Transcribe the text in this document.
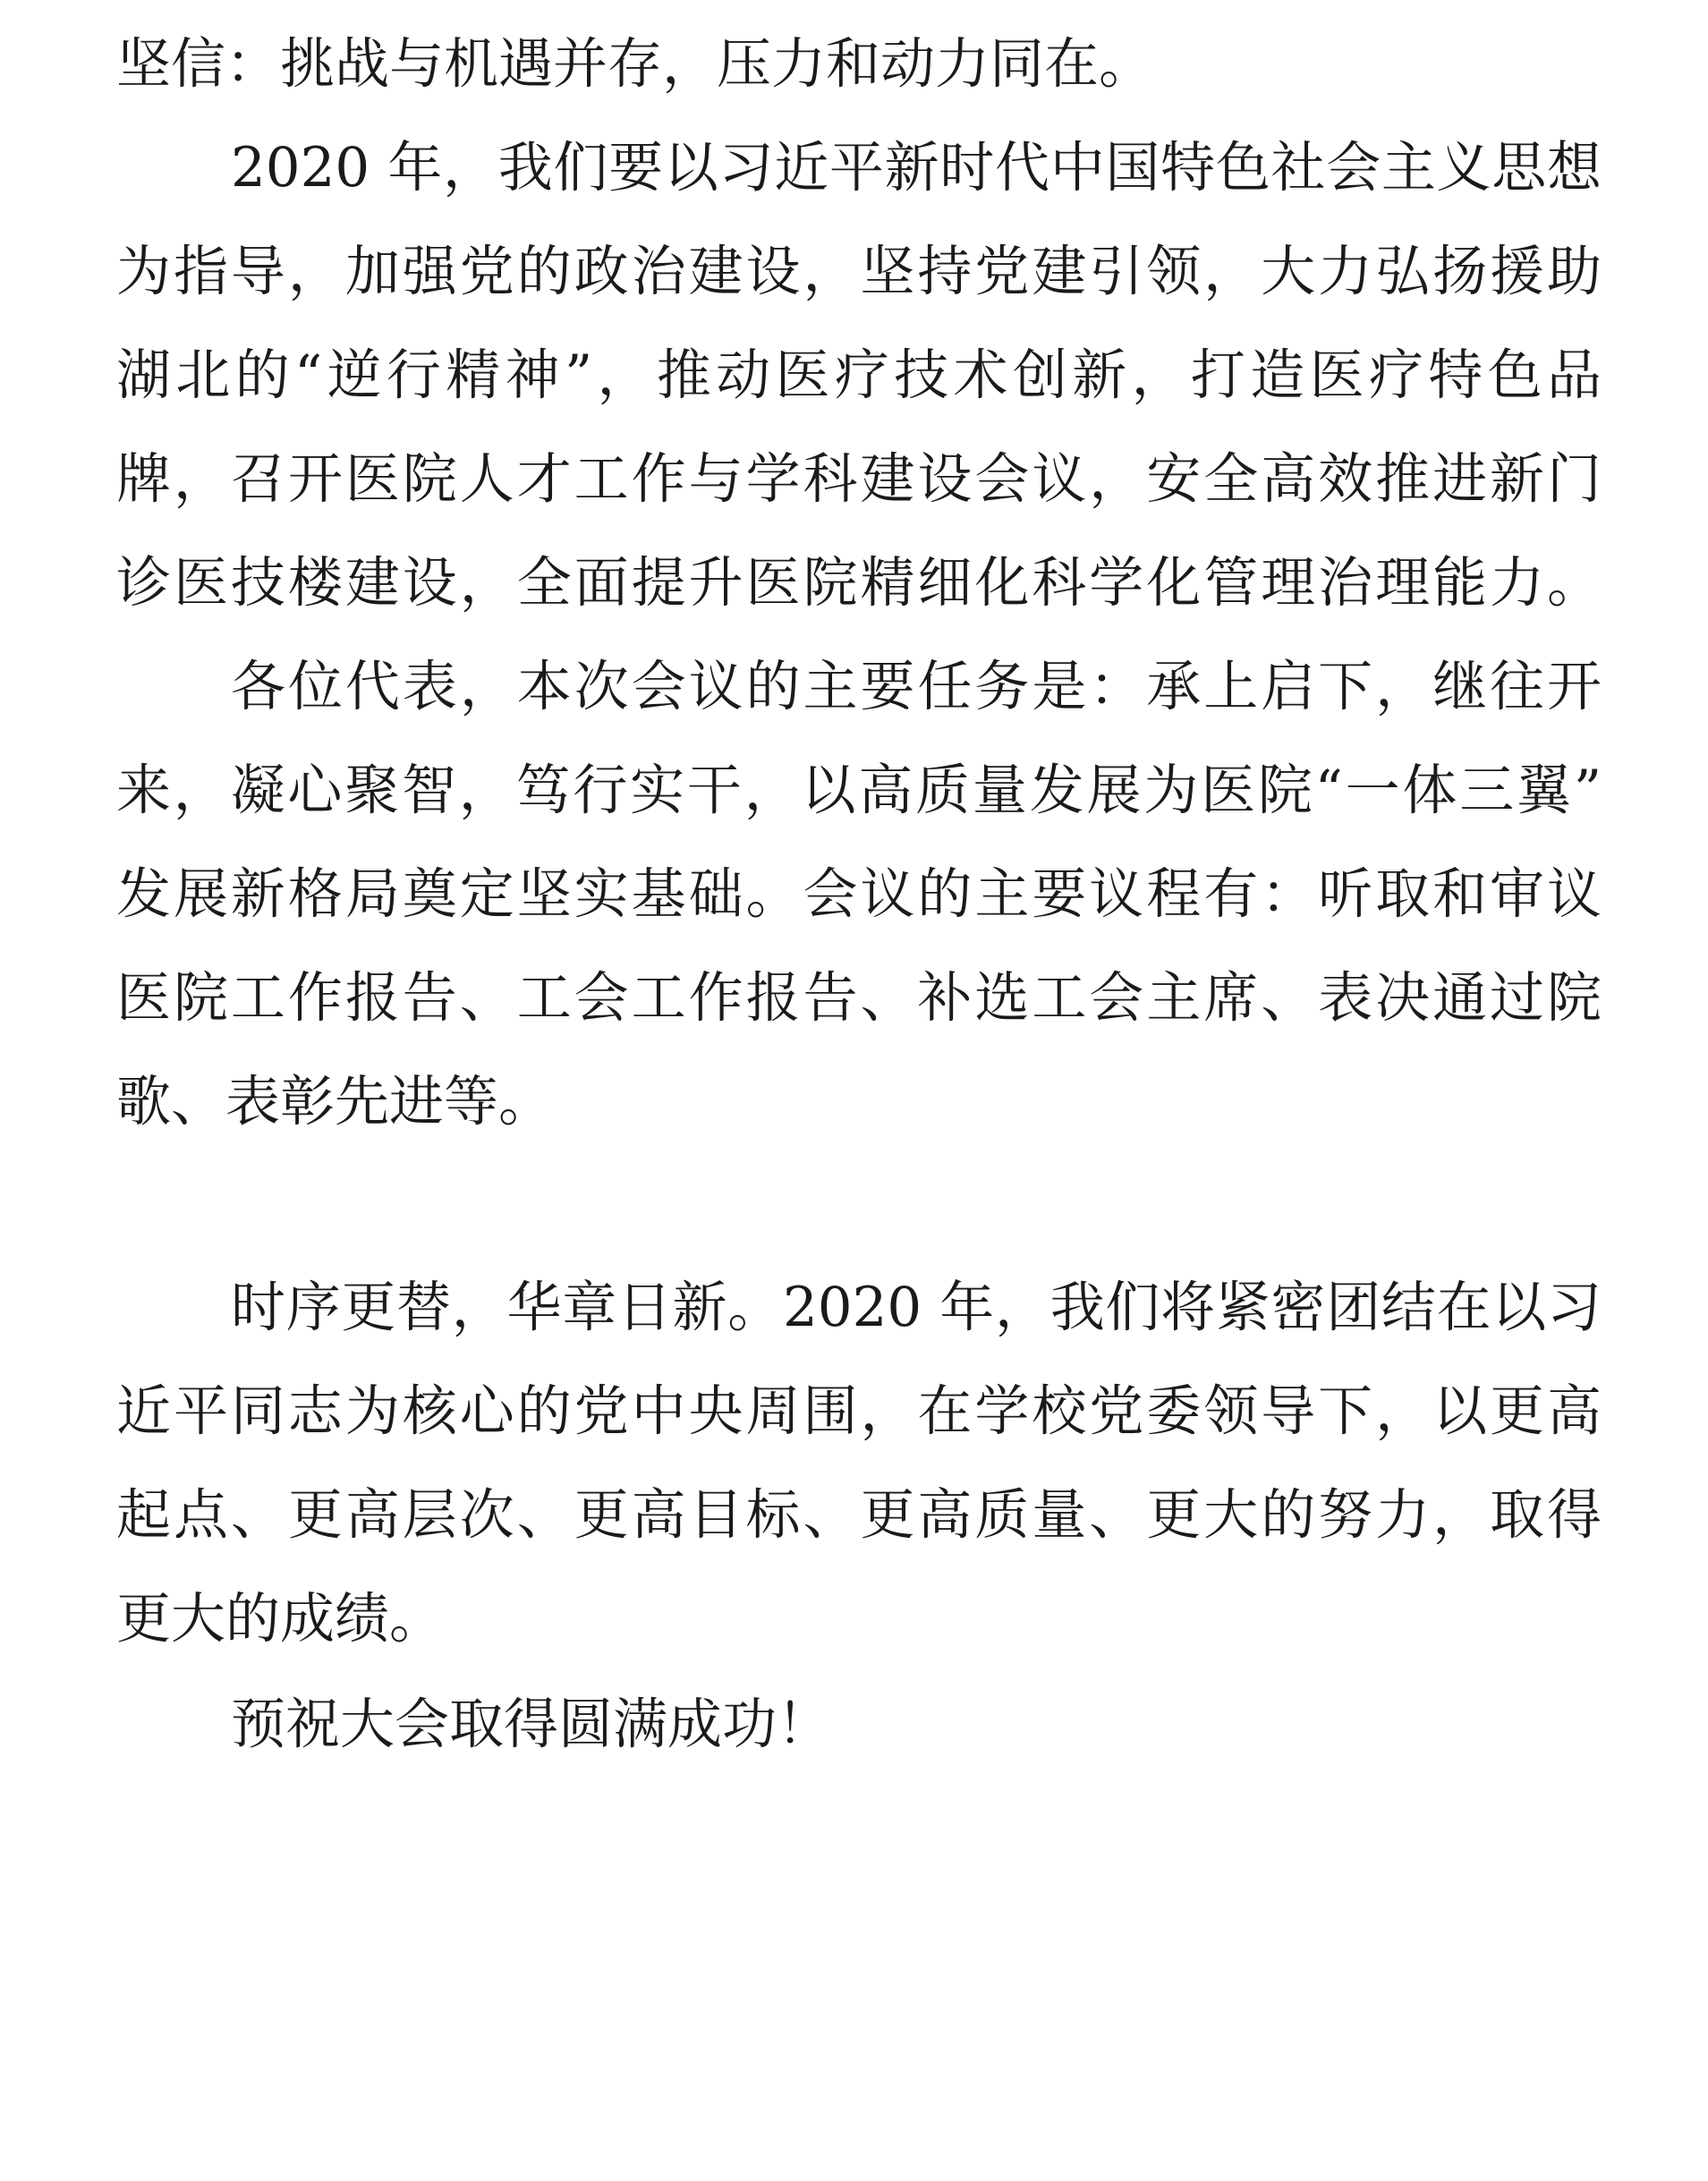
坚信：挑战与机遇并存，压力和动力同在。
2020 年，我们要以习近平新时代中国特色社会主义思想
为指导，加强党的政治建设，坚持党建引领，大力弘扬援助
湖北的“逆行精神”，推动医疗技术创新，打造医疗特色品
牌，召开医院人才工作与学科建设会议，安全高效推进新门
诊医技楼建设，全面提升医院精细化科学化管理治理能力。
各位代表，本次会议的主要任务是：承上启下，继往开
来，凝心聚智，笃行实干，以高质量发展为医院“一体三翼”
发展新格局奠定坚实基础。会议的主要议程有：听取和审议
医院工作报告、工会工作报告、补选工会主席、表决通过院
歌、表彰先进等。
时序更替，华章日新。2020 年，我们将紧密团结在以习
近平同志为核心的党中央周围，在学校党委领导下，以更高
起点、更高层次、更高目标、更高质量、更大的努力，取得
更大的成绩。
预祝大会取得圆满成功！
